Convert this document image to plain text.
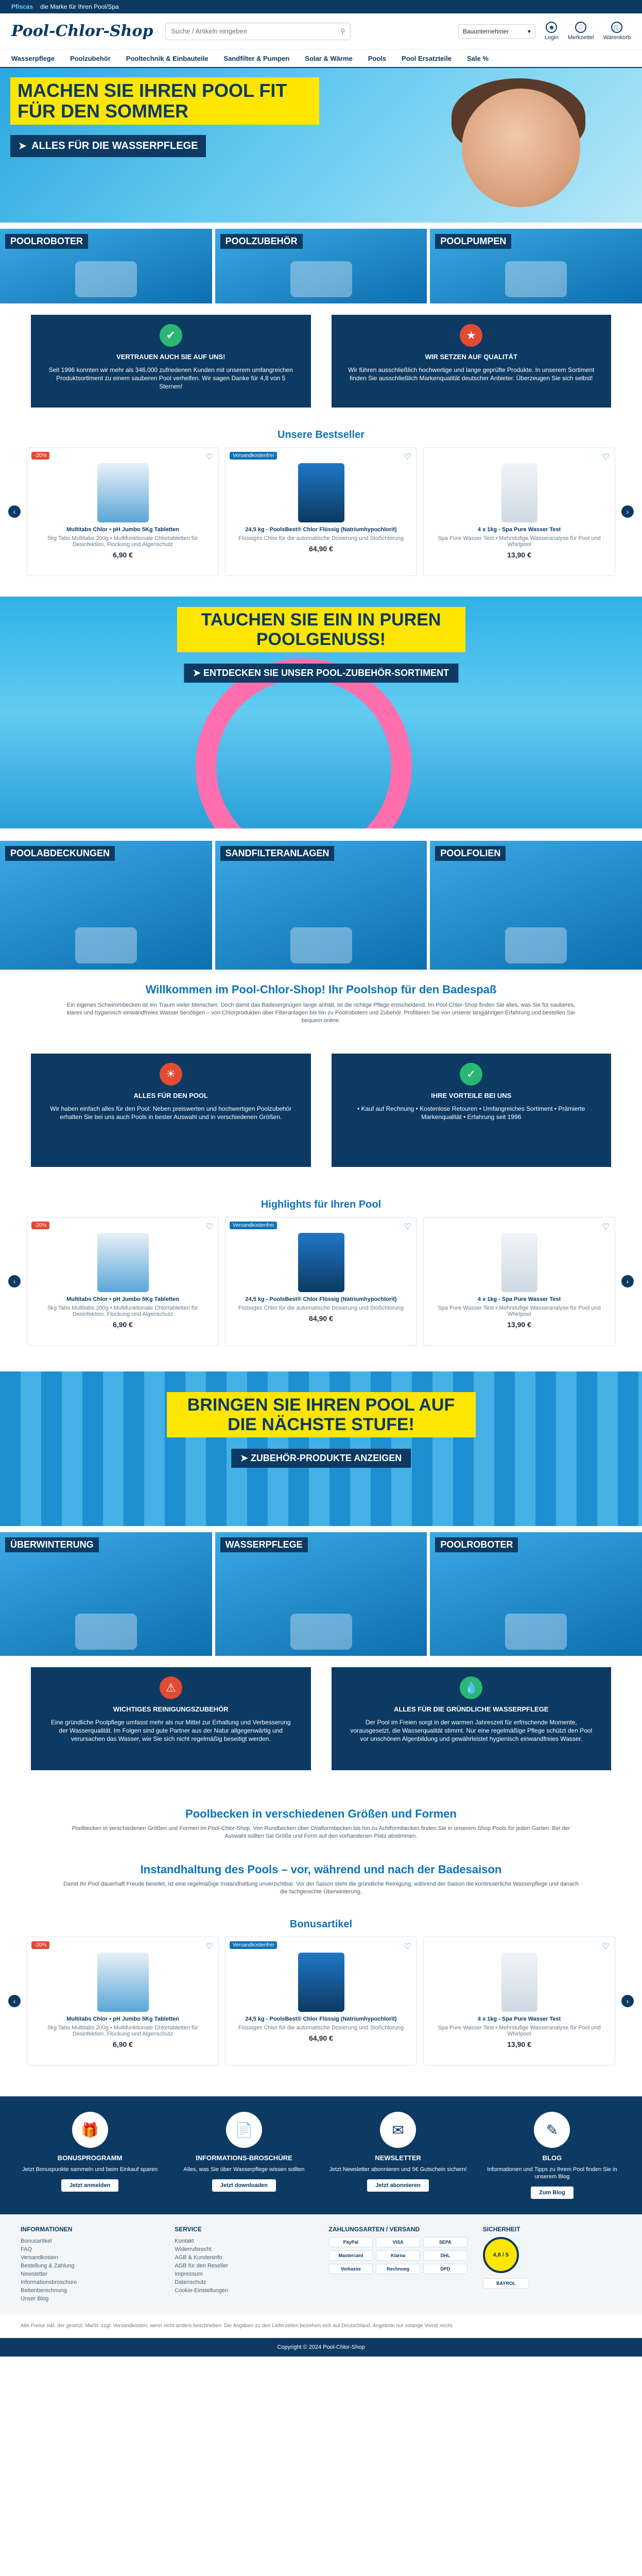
Pfiscas die Marke für Ihren Pool/Spa
Pool-Chlor-Shop
Suche / Artikeln eingeben	⚲	Bauunternehmer	▾
☻
Login
♡
Merkzettel
🛒
Warenkorb
Wasserpflege Poolzubehör Pooltechnik & Einbauteile Sandfilter & Pumpen Solar & Wärme Pools Pool Ersatzteile Sale %
MACHEN SIE IHREN POOL FIT FÜR DEN SOMMER
➤ ALLES FÜR DIE WASSERPFLEGE
POOLROBOTER	POOLZUBEHÖR	POOLPUMPEN
✔
VERTRAUEN AUCH SIE AUF UNS!

Seit 1996 konnten wir mehr als 346.000 zufriedenen Kunden mit unserem umfangreichen Produktsortiment zu einem sauberen Pool verhelfen. Wir sagen Danke für 4,8 von 5 Sternen!

★
WIR SETZEN AUF QUALITÄT

Wir führen ausschließlich hochwertige und lange geprüfte Produkte. In unserem Sortiment finden Sie ausschließlich Markenqualität deutscher Anbieter. Überzeugen Sie sich selbst!

Unsere Bestseller
‹
-20%	♡
Multitabs Chlor • pH Jumbo 5Kg Tabletten
5kg Tabs Multitabs 200g • Multifunktionale Chlortabletten für Desinfektion, Flockung und Algenschutz
6,90 €
Versandkostenfrei	♡
24,5 kg - PoolsBest® Chlor Flüssig (Natriumhypochlorit)
Flüssiges Chlor für die automatische Dosierung und Stoßchlorung
64,90 €
♡
4 x 1kg - Spa Pure Wasser Test
Spa Pure Wasser Test • Mehrstufige Wasseranalyse für Pool und Whirlpool
13,90 €
›
TAUCHEN SIE EIN IN PUREN POOLGENUSS!
➤ ENTDECKEN SIE UNSER POOL-ZUBEHÖR-SORTIMENT
POOLABDECKUNGEN	SANDFILTERANLAGEN	POOLFOLIEN
Willkommen im Pool-Chlor-Shop! Ihr Poolshop für den Badespaß

Ein eigenes Schwimmbecken ist ein Traum vieler Menschen. Doch damit das Badevergnügen lange anhält, ist die richtige Pflege entscheidend. Im Pool-Chlor-Shop finden Sie alles, was Sie für sauberes, klares und hygienisch einwandfreies Wasser benötigen – von Chlorprodukten über Filteranlagen bis hin zu Poolrobotern und Zubehör. Profitieren Sie von unserer langjährigen Erfahrung und bestellen Sie bequem online.

☀
ALLES FÜR DEN POOL

Wir haben einfach alles für den Pool: Neben preiswerten und hochwertigen Poolzubehör erhalten Sie bei uns auch Pools in bester Auswahl und in verschiedenen Größen.

✓
IHRE VORTEILE BEI UNS

• Kauf auf Rechnung • Kostenlose Retouren • Umfangreiches Sortiment • Prämierte Markenqualität • Erfahrung seit 1996

Highlights für Ihren Pool
‹
-20%	♡
Multitabs Chlor • pH Jumbo 5Kg Tabletten
5kg Tabs Multitabs 200g • Multifunktionale Chlortabletten für Desinfektion, Flockung und Algenschutz
6,90 €
Versandkostenfrei	♡
24,5 kg - PoolsBest® Chlor Flüssig (Natriumhypochlorit)
Flüssiges Chlor für die automatische Dosierung und Stoßchlorung
64,90 €
♡
4 x 1kg - Spa Pure Wasser Test
Spa Pure Wasser Test • Mehrstufige Wasseranalyse für Pool und Whirlpool
13,90 €
›
BRINGEN SIE IHREN POOL AUF DIE NÄCHSTE STUFE!
➤ ZUBEHÖR-PRODUKTE ANZEIGEN
ÜBERWINTERUNG	WASSERPFLEGE	POOLROBOTER
⚠
WICHTIGES REINIGUNGSZUBEHÖR

Eine gründliche Poolpflege umfasst mehr als nur Mittel zur Erhaltung und Verbesserung der Wasserqualität. Im Folgen sind gute Partner aus der Natur allgegenwärtig und verursachen das Wasser, wie Sie sich nicht regelmäßig beseitigt werden.

💧
ALLES FÜR DIE GRÜNDLICHE WASSERPFLEGE

Der Pool im Freien sorgt in der warmen Jahreszeit für erfrischende Momente, vorausgesetzt, die Wasserqualität stimmt. Nur eine regelmäßige Pflege schützt den Pool vor unschönen Algenbildung und gewährleistet hygienisch einwandfreies Wasser.

Poolbecken in verschiedenen Größen und Formen

Poolbecken in verschiedenen Größen und Formen im Pool-Chlor-Shop. Von Rundbecken über Ovalformbecken bis hin zu Achtformbecken finden Sie in unserem Shop Pools für jeden Garten. Bei der Auswahl sollten Sie Größe und Form auf den vorhandenen Platz abstimmen.

Instandhaltung des Pools – vor, während und nach der Badesaison

Damit Ihr Pool dauerhaft Freude bereitet, ist eine regelmäßige Instandhaltung unverzichtbar. Vor der Saison steht die gründliche Reinigung, während der Saison die kontinuierliche Wasserpflege und danach die fachgerechte Überwinterung.

Bonusartikel
‹
-20%	♡
Multitabs Chlor • pH Jumbo 5Kg Tabletten
5kg Tabs Multitabs 200g • Multifunktionale Chlortabletten für Desinfektion, Flockung und Algenschutz
6,90 €
Versandkostenfrei	♡
24,5 kg - PoolsBest® Chlor Flüssig (Natriumhypochlorit)
Flüssiges Chlor für die automatische Dosierung und Stoßchlorung
64,90 €
♡
4 x 1kg - Spa Pure Wasser Test
Spa Pure Wasser Test • Mehrstufige Wasseranalyse für Pool und Whirlpool
13,90 €
›
🎁
BONUSPROGRAMM

Jetzt Bonuspunkte sammeln und beim Einkauf sparen

Jetzt anmelden
📄
INFORMATIONS-BROSCHÜRE

Alles, was Sie über Wasserpflege wissen sollten

Jetzt downloaden
✉
NEWSLETTER

Jetzt Newsletter abonnieren und 5€ Gutschein sichern!

Jetzt abonnieren
✎
BLOG

Informationen und Tipps zu Ihrem Pool finden Sie in unserem Blog

Zum Blog
INFORMATIONEN
Bonusartikel
FAQ
Versandkosten
Bestellung & Zahlung
Newsletter
Informationsbroschüre
Bettenberechnung
Unser Blog
SERVICE
Kontakt
Widerrufsrecht
AGB & Kundeninfo
AGB für den Reseller
Impressum
Datenschutz
Cookie-Einstellungen
ZAHLUNGSARTEN / VERSAND
PayPal	VISA	SEPA
Mastercard	Klarna	DHL
Vorkasse	Rechnung	DPD
SICHERHEIT
4,8 / 5
BAYROL
Alle Preise inkl. der gesetzl. MwSt. zzgl. Versandkosten, wenn nicht anders beschrieben. Die Angaben zu den Lieferzeiten beziehen sich auf Deutschland. Angebote nur solange Vorrat reicht.
Copyright © 2024 Pool-Chlor-Shop
